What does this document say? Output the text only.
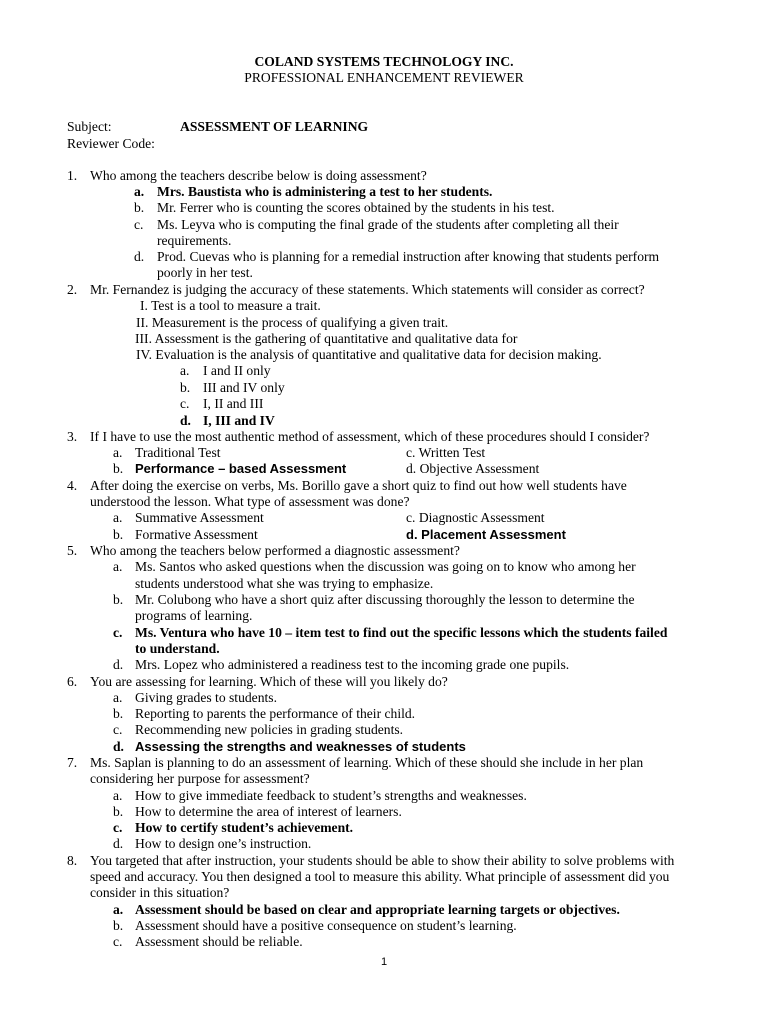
COLAND SYSTEMS TECHNOLOGY INC.
PROFESSIONAL ENHANCEMENT REVIEWER
Subject:	ASSESSMENT OF LEARNING
Reviewer Code:
1. Who among the teachers describe below is doing assessment?
a. Mrs. Baustista who is administering a test to her students.
b. Mr. Ferrer who is counting the scores obtained by the students in his test.
c. Ms. Leyva who is computing the final grade of the students after completing all their
requirements.
d. Prod. Cuevas who is planning for a remedial instruction after knowing that students perform
poorly in her test.
2. Mr. Fernandez is judging the accuracy of these statements. Which statements will consider as correct?
I. Test is a tool to measure a trait.
II. Measurement is the process of qualifying a given trait.
III. Assessment is the gathering of quantitative and qualitative data for
IV. Evaluation is the analysis of quantitative and qualitative data for decision making.
a. I and II only
b. III and IV only
c. I, II and III
d. I, III and IV
3. If I have to use the most authentic method of assessment, which of these procedures should I consider?
a. Traditional Test	c. Written Test
b. Performance – based Assessment	d. Objective Assessment
4. After doing the exercise on verbs, Ms. Borillo gave a short quiz to find out how well students have
understood the lesson. What type of assessment was done?
a. Summative Assessment	c. Diagnostic Assessment
b. Formative Assessment	d. Placement Assessment
5. Who among the teachers below performed a diagnostic assessment?
a. Ms. Santos who asked questions when the discussion was going on to know who among her
students understood what she was trying to emphasize.
b. Mr. Colubong who have a short quiz after discussing thoroughly the lesson to determine the
programs of learning.
c. Ms. Ventura who have 10 – item test to find out the specific lessons which the students failed
to understand.
d. Mrs. Lopez who administered a readiness test to the incoming grade one pupils.
6. You are assessing for learning. Which of these will you likely do?
a. Giving grades to students.
b. Reporting to parents the performance of their child.
c. Recommending new policies in grading students.
d. Assessing the strengths and weaknesses of students
7. Ms. Saplan is planning to do an assessment of learning. Which of these should she include in her plan
considering her purpose for assessment?
a. How to give immediate feedback to student’s strengths and weaknesses.
b. How to determine the area of interest of learners.
c. How to certify student’s achievement.
d. How to design one’s instruction.
8. You targeted that after instruction, your students should be able to show their ability to solve problems with
speed and accuracy. You then designed a tool to measure this ability. What principle of assessment did you
consider in this situation?
a. Assessment should be based on clear and appropriate learning targets or objectives.
b. Assessment should have a positive consequence on student’s learning.
c. Assessment should be reliable.
1
